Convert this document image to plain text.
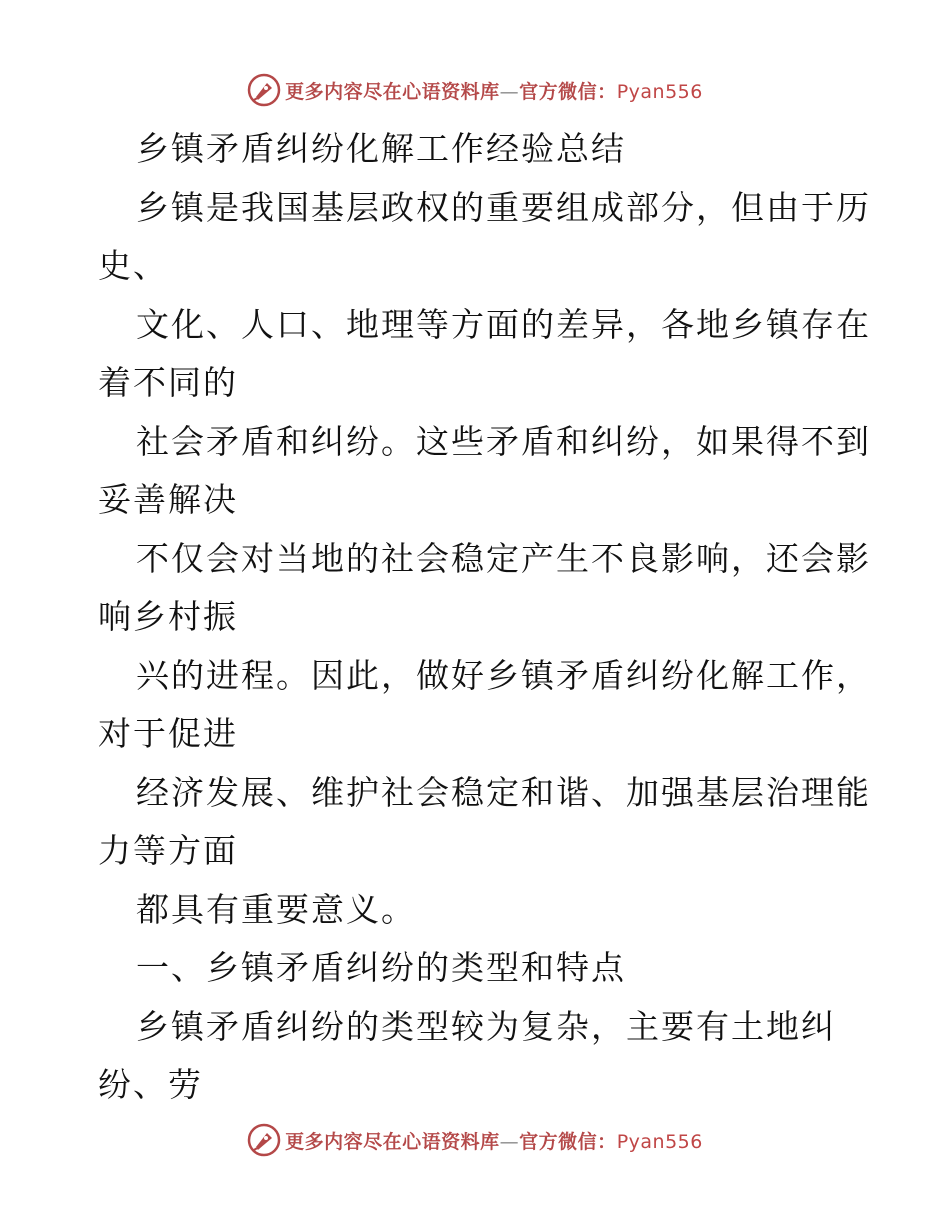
更多内容尽在心语资料库—官方微信：Pyan556
乡镇矛盾纠纷化解工作经验总结
乡镇是我国基层政权的重要组成部分，但由于历
史、
文化、人口、地理等方面的差异，各地乡镇存在
着不同的
社会矛盾和纠纷。这些矛盾和纠纷，如果得不到
妥善解决
不仅会对当地的社会稳定产生不良影响，还会影
响乡村振
兴的进程。因此，做好乡镇矛盾纠纷化解工作，
对于促进
经济发展、维护社会稳定和谐、加强基层治理能
力等方面
都具有重要意义。
一、乡镇矛盾纠纷的类型和特点
乡镇矛盾纠纷的类型较为复杂，主要有土地纠
纷、劳
更多内容尽在心语资料库—官方微信：Pyan556
